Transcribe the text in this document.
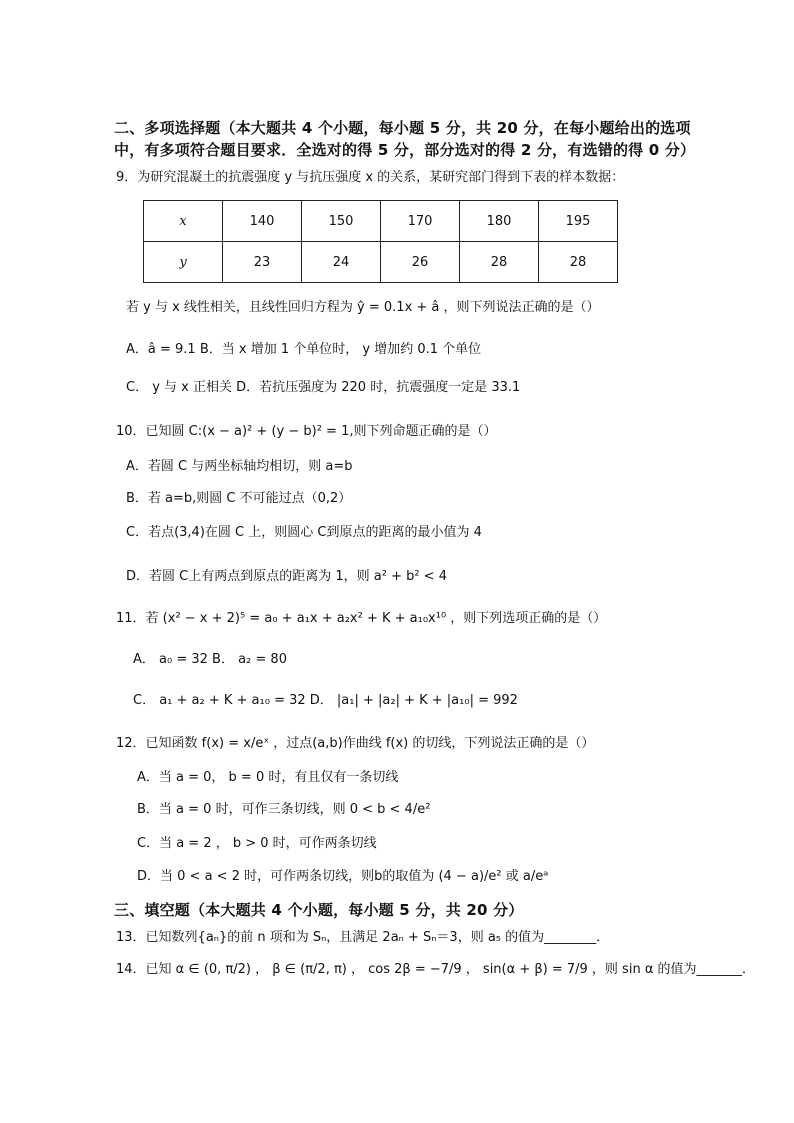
二、多项选择题（本大题共 4 个小题，每小题 5 分，共 20 分，在每小题给出的选项
中，有多项符合题目要求．全选对的得 5 分，部分选对的得 2 分，有选错的得 0 分）
9．为研究混凝土的抗震强度 y 与抗压强度 x 的关系，某研究部门得到下表的样本数据：
x	140	150	170	180	195
y	23	24	26	28	28
若 y 与 x 线性相关，且线性回归方程为 ŷ = 0.1x + â ，则下列说法正确的是（）
A．â = 9.1 B．当 x 增加 1 个单位时， y 增加约 0.1 个单位
C． y 与 x 正相关 D．若抗压强度为 220 时，抗震强度一定是 33.1
10．已知圆 C:(x − a)² + (y − b)² = 1,则下列命题正确的是（）
A．若圆 C 与两坐标轴均相切，则 a=b
B．若 a=b,则圆 C 不可能过点（0,2）
C．若点(3,4)在圆 C 上，则圆心 C到原点的距离的最小值为 4
D．若圆 C上有两点到原点的距离为 1，则 a² + b² < 4
11．若 (x² − x + 2)⁵ = a₀ + a₁x + a₂x² + K + a₁₀x¹⁰ ，则下列选项正确的是（）
A． a₀ = 32 B． a₂ = 80
C． a₁ + a₂ + K + a₁₀ = 32 D． |a₁| + |a₂| + K + |a₁₀| = 992
12．已知函数 f(x) = x/eˣ ，过点(a,b)作曲线 f(x) 的切线，下列说法正确的是（）
A．当 a = 0， b = 0 时，有且仅有一条切线
B．当 a = 0 时，可作三条切线，则 0 < b < 4/e²
C．当 a = 2 ， b > 0 时，可作两条切线
D．当 0 < a < 2 时，可作两条切线，则b的取值为 (4 − a)/e² 或 a/eᵃ
三、填空题（本大题共 4 个小题，每小题 5 分，共 20 分）
13．已知数列{aₙ}的前 n 项和为 Sₙ，且满足 2aₙ + Sₙ＝3，则 a₅ 的值为________．
14．已知 α ∈ (0, π/2) ， β ∈ (π/2, π) ， cos 2β = −7/9 ， sin(α + β) = 7/9 ，则 sin α 的值为_______．
